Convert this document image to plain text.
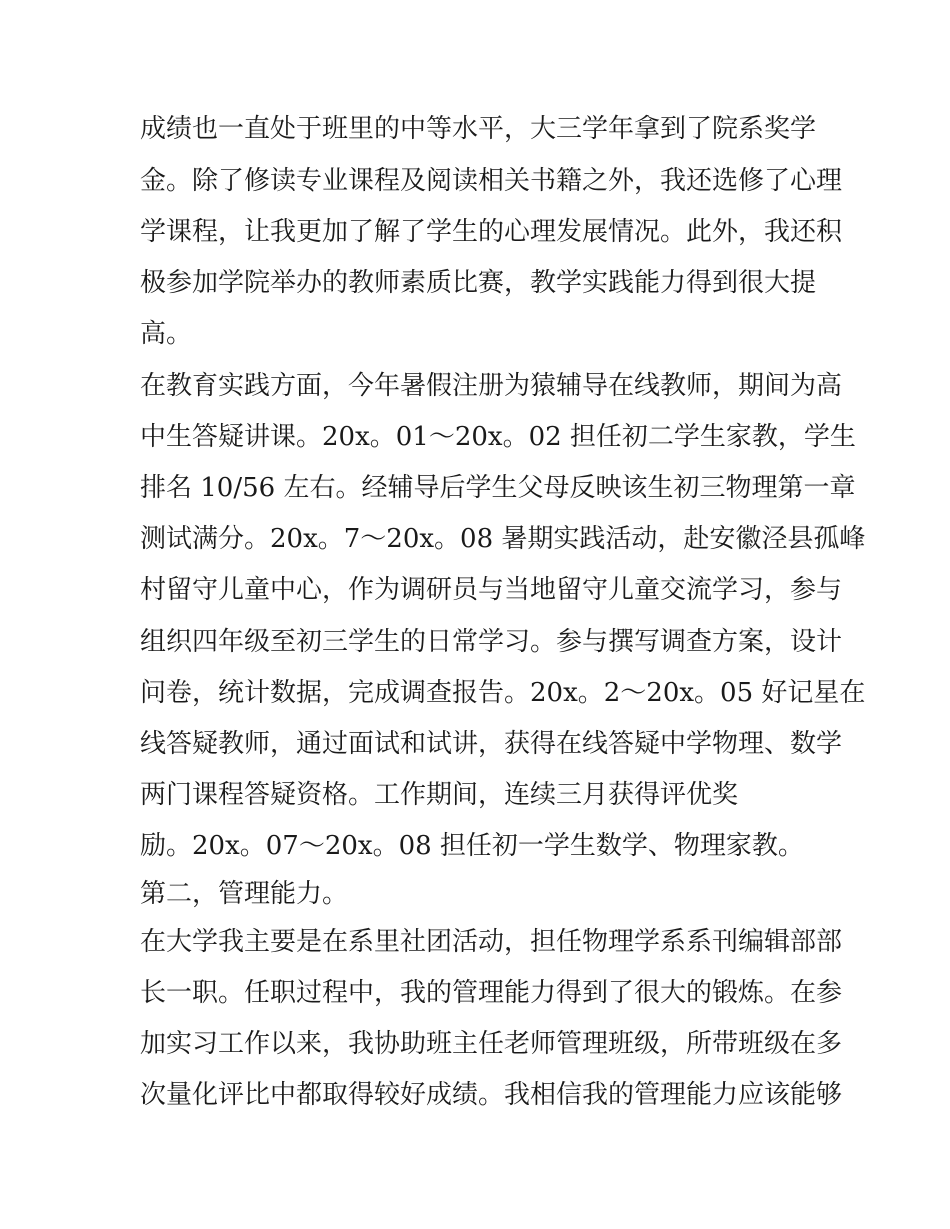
成绩也一直处于班里的中等水平，大三学年拿到了院系奖学
金。除了修读专业课程及阅读相关书籍之外，我还选修了心理
学课程，让我更加了解了学生的心理发展情况。此外，我还积
极参加学院举办的教师素质比赛，教学实践能力得到很大提
高。
在教育实践方面，今年暑假注册为猿辅导在线教师，期间为高
中生答疑讲课。20x。01～20x。02 担任初二学生家教，学生
排名 10/56 左右。经辅导后学生父母反映该生初三物理第一章
测试满分。20x。7～20x。08 暑期实践活动，赴安徽泾县孤峰
村留守儿童中心，作为调研员与当地留守儿童交流学习，参与
组织四年级至初三学生的日常学习。参与撰写调查方案，设计
问卷，统计数据，完成调查报告。20x。2～20x。05 好记星在
线答疑教师，通过面试和试讲，获得在线答疑中学物理、数学
两门课程答疑资格。工作期间，连续三月获得评优奖
励。20x。07～20x。08 担任初一学生数学、物理家教。
第二，管理能力。
在大学我主要是在系里社团活动，担任物理学系系刊编辑部部
长一职。任职过程中，我的管理能力得到了很大的锻炼。在参
加实习工作以来，我协助班主任老师管理班级，所带班级在多
次量化评比中都取得较好成绩。我相信我的管理能力应该能够
